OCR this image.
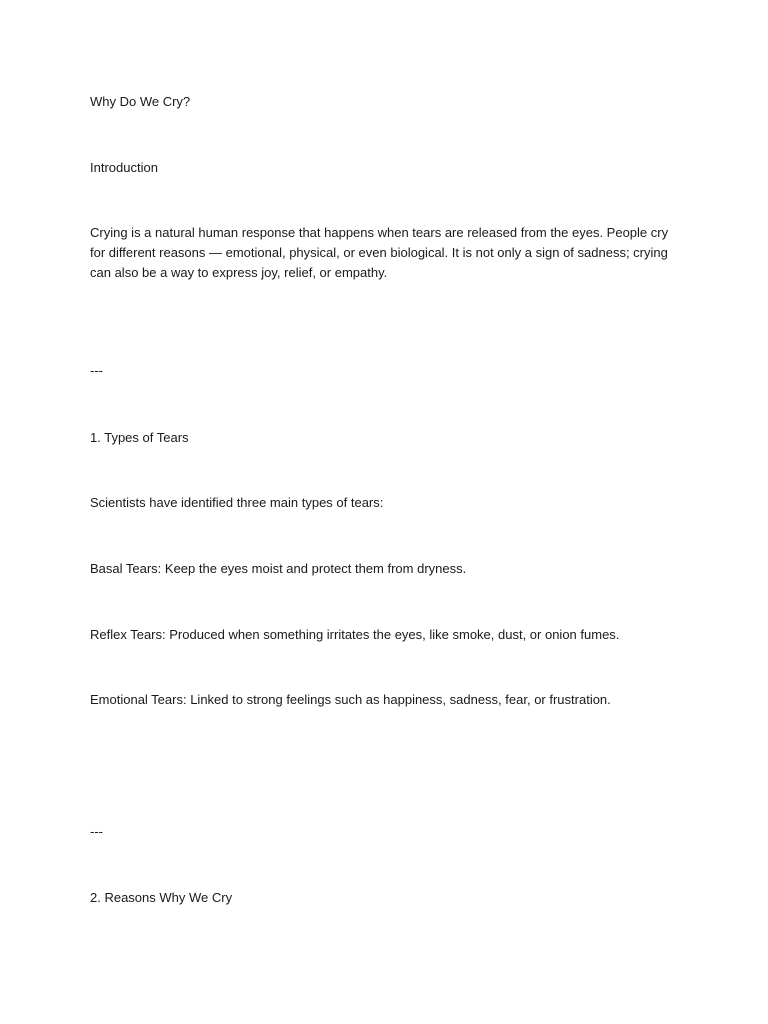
Why Do We Cry?
Introduction
Crying is a natural human response that happens when tears are released from the eyes. People cry for different reasons — emotional, physical, or even biological. It is not only a sign of sadness; crying can also be a way to express joy, relief, or empathy.
---
1. Types of Tears
Scientists have identified three main types of tears:
Basal Tears: Keep the eyes moist and protect them from dryness.
Reflex Tears: Produced when something irritates the eyes, like smoke, dust, or onion fumes.
Emotional Tears: Linked to strong feelings such as happiness, sadness, fear, or frustration.
---
2. Reasons Why We Cry
